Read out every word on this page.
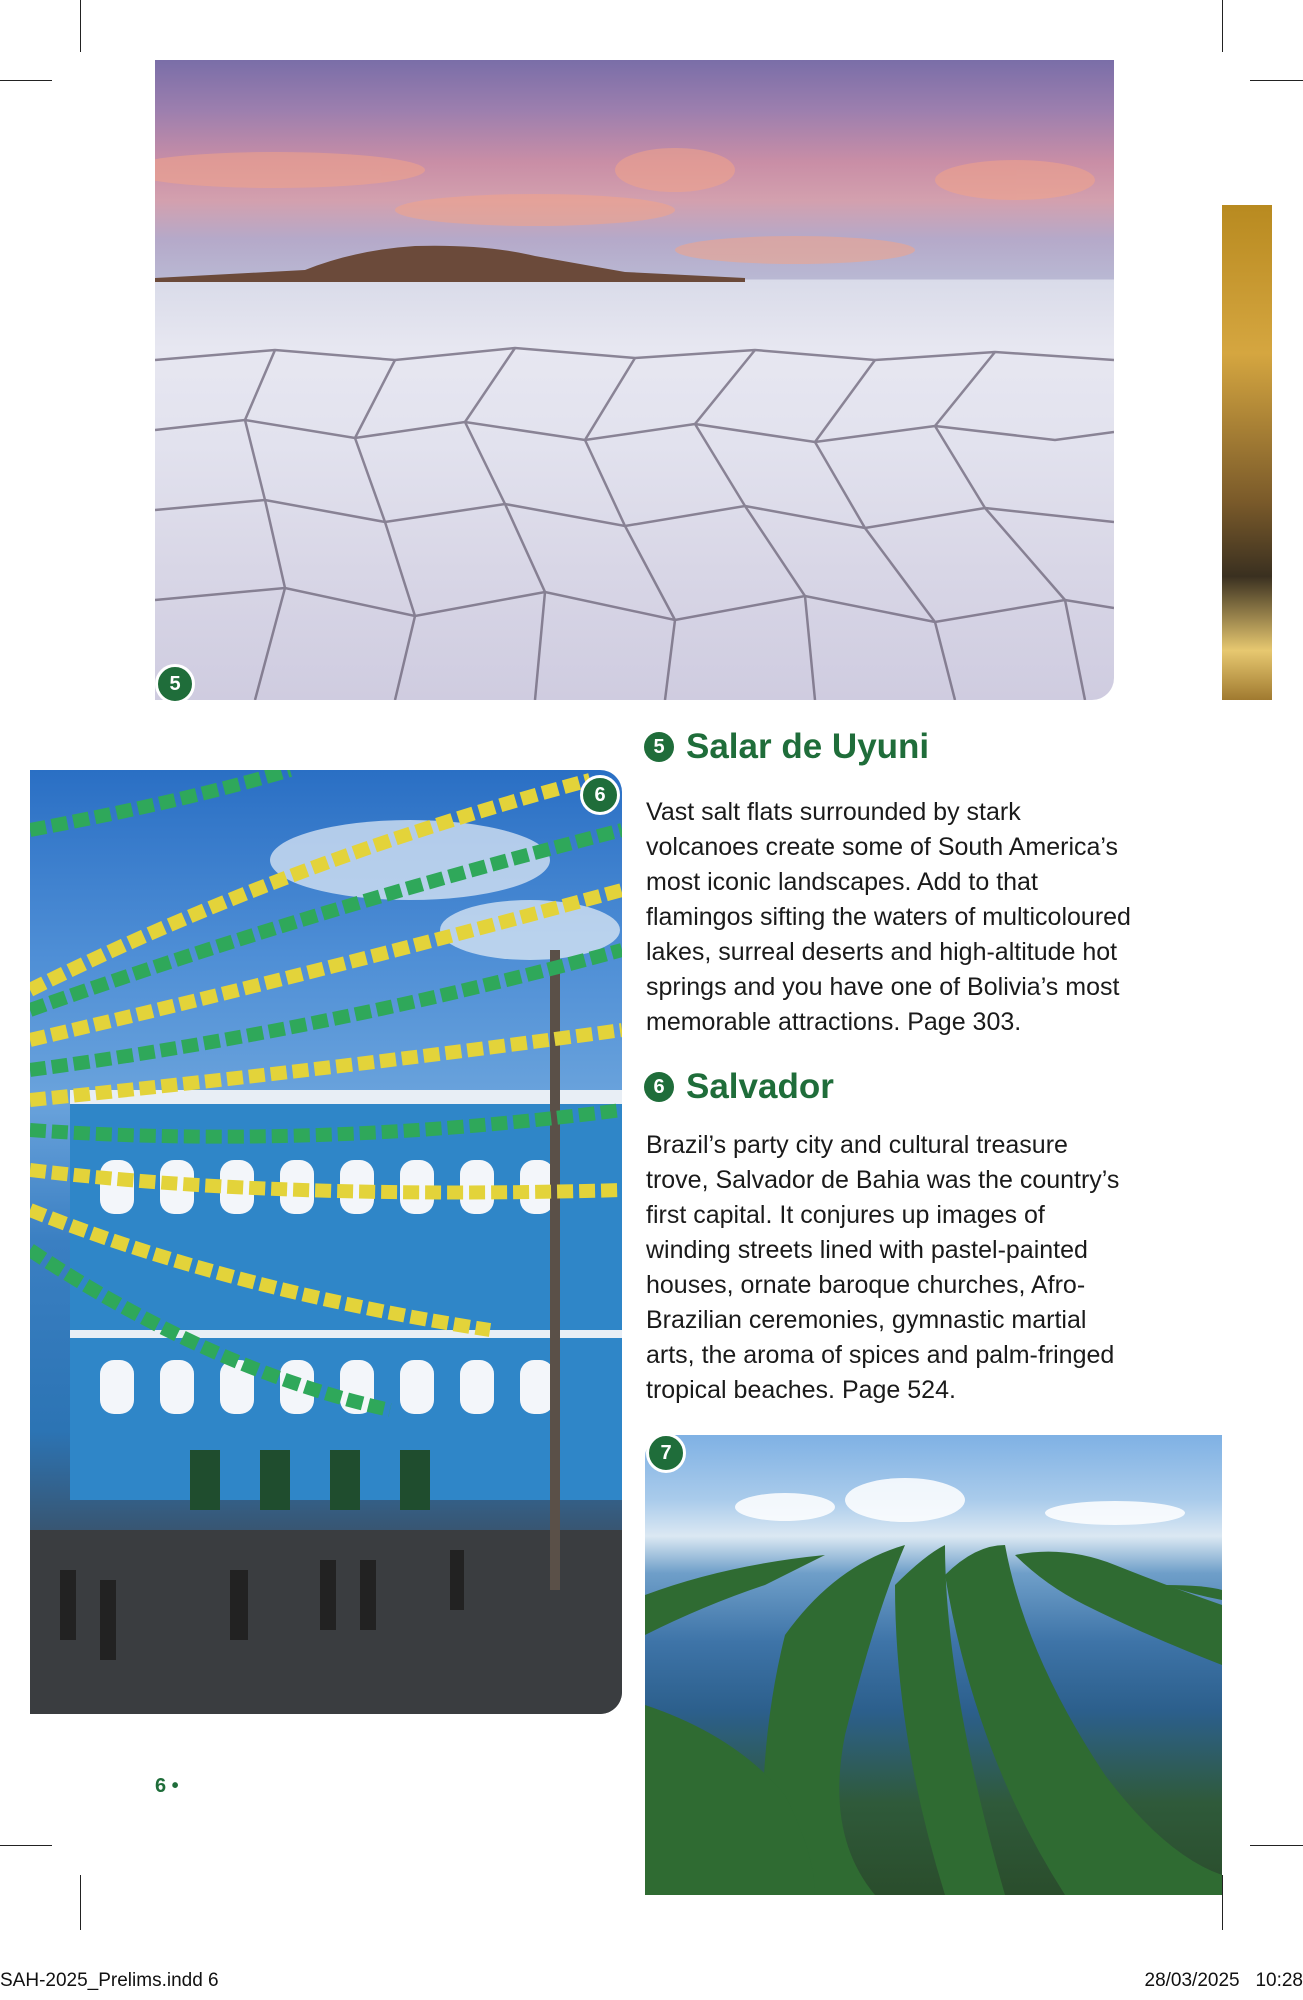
5
6
5 Salar de Uyuni
Vast salt flats surrounded by stark volcanoes create some of South America’s most iconic landscapes. Add to that flamingos sifting the waters of multicoloured lakes, surreal deserts and high-altitude hot springs and you have one of Bolivia’s most memorable attractions. Page 303.
6 Salvador
Brazil’s party city and cultural treasure trove, Salvador de Bahia was the country’s first capital. It conjures up images of winding streets lined with pastel-painted houses, ornate baroque churches, Afro-Brazilian ceremonies, gymnastic martial arts, the aroma of spices and palm-fringed tropical beaches. Page 524.
7
6 •
SAH-2025_Prelims.indd 6	28/03/2025   10:28
